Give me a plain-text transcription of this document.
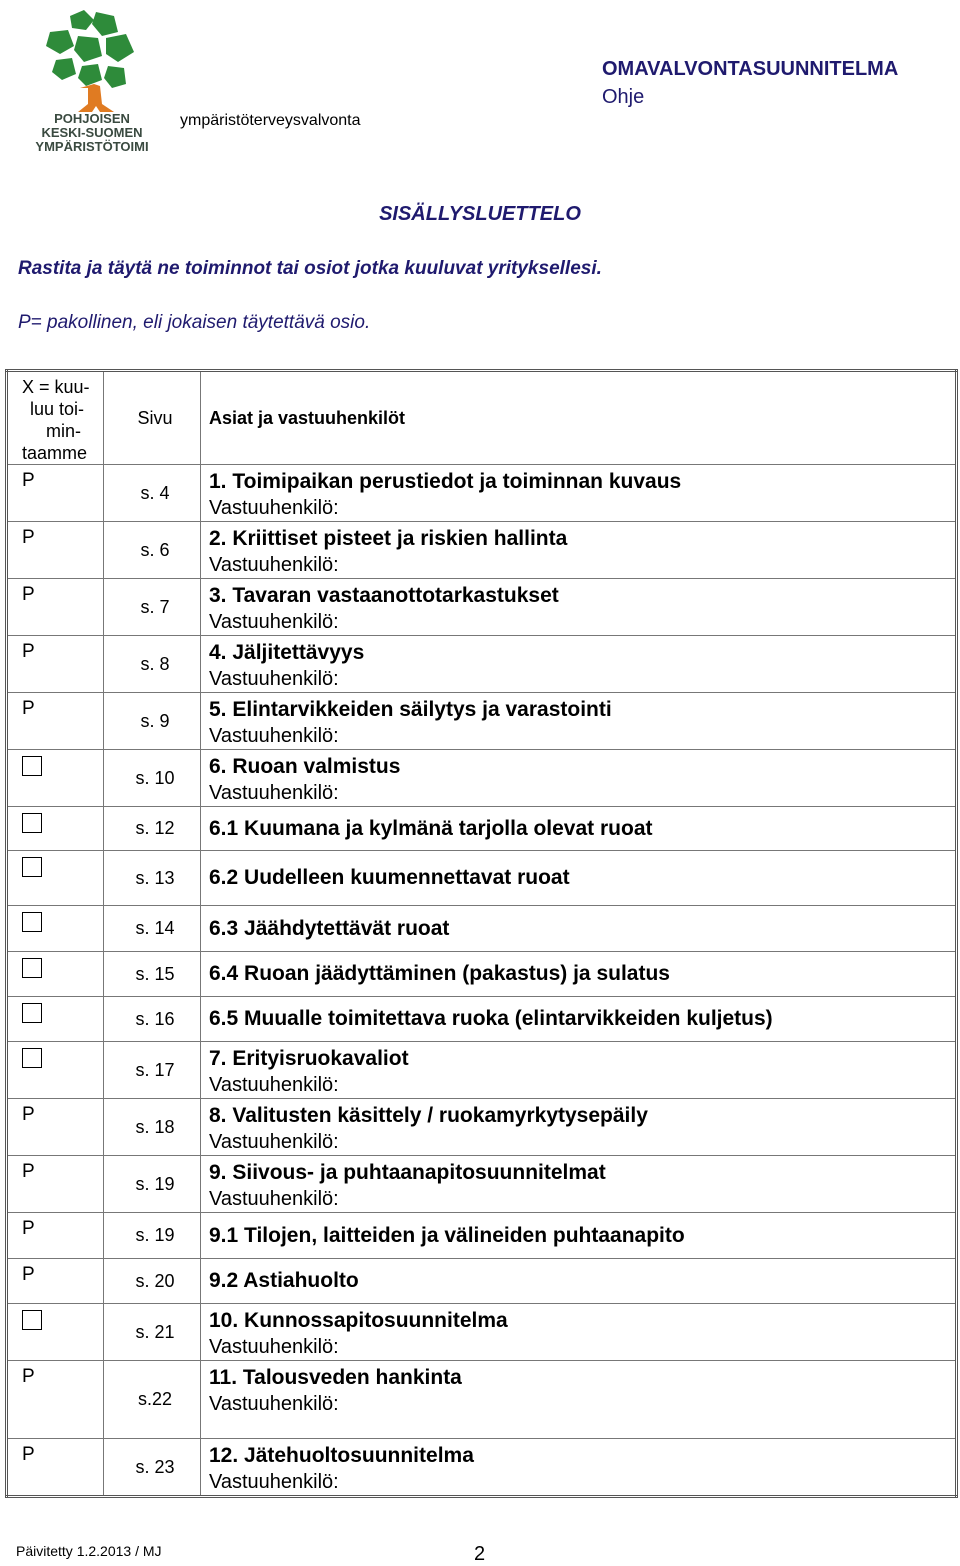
POHJOISEN
KESKI-SUOMEN
YMPÄRISTÖTOIMI
ympäristöterveysvalvonta
OMAVALVONTASUUNNITELMA
Ohje
SISÄLLYSLUETTELO
Rastita ja täytä ne toiminnot tai osiot jotka kuuluvat yrityksellesi.
P= pakollinen, eli jokaisen täytettävä osio.
X = kuu-
luu toi-
min-
taamme	Sivu	Asiat ja vastuuhenkilöt
P	s. 4	1. Toimipaikan perustiedot ja toiminnan kuvaus
Vastuuhenkilö:

P	s. 6	2. Kriittiset pisteet ja riskien hallinta
Vastuuhenkilö:

P	s. 7	3. Tavaran vastaanottotarkastukset
Vastuuhenkilö:

P	s. 8	4. Jäljitettävyys
Vastuuhenkilö:

P	s. 9	5. Elintarvikkeiden säilytys ja varastointi
Vastuuhenkilö:

	s. 10	6. Ruoan valmistus
Vastuuhenkilö:

	s. 12	6.1 Kuumana ja kylmänä tarjolla olevat ruoat

	s. 13	6.2 Uudelleen kuumennettavat ruoat

	s. 14	6.3 Jäähdytettävät ruoat

	s. 15	6.4 Ruoan jäädyttäminen (pakastus) ja sulatus

	s. 16	6.5 Muualle toimitettava ruoka (elintarvikkeiden kuljetus)

	s. 17	7. Erityisruokavaliot
Vastuuhenkilö:

P	s. 18	8. Valitusten käsittely / ruokamyrkytysepäily
Vastuuhenkilö:

P	s. 19	9. Siivous- ja puhtaanapitosuunnitelmat
Vastuuhenkilö:

P	s. 19	9.1 Tilojen, laitteiden ja välineiden puhtaanapito

P	s. 20	9.2 Astiahuolto

	s. 21	10. Kunnossapitosuunnitelma
Vastuuhenkilö:

P	s.22	11. Talousveden hankinta
Vastuuhenkilö:

P	s. 23	12. Jätehuoltosuunnitelma
Vastuuhenkilö:
Päivitetty 1.2.2013 / MJ	2
